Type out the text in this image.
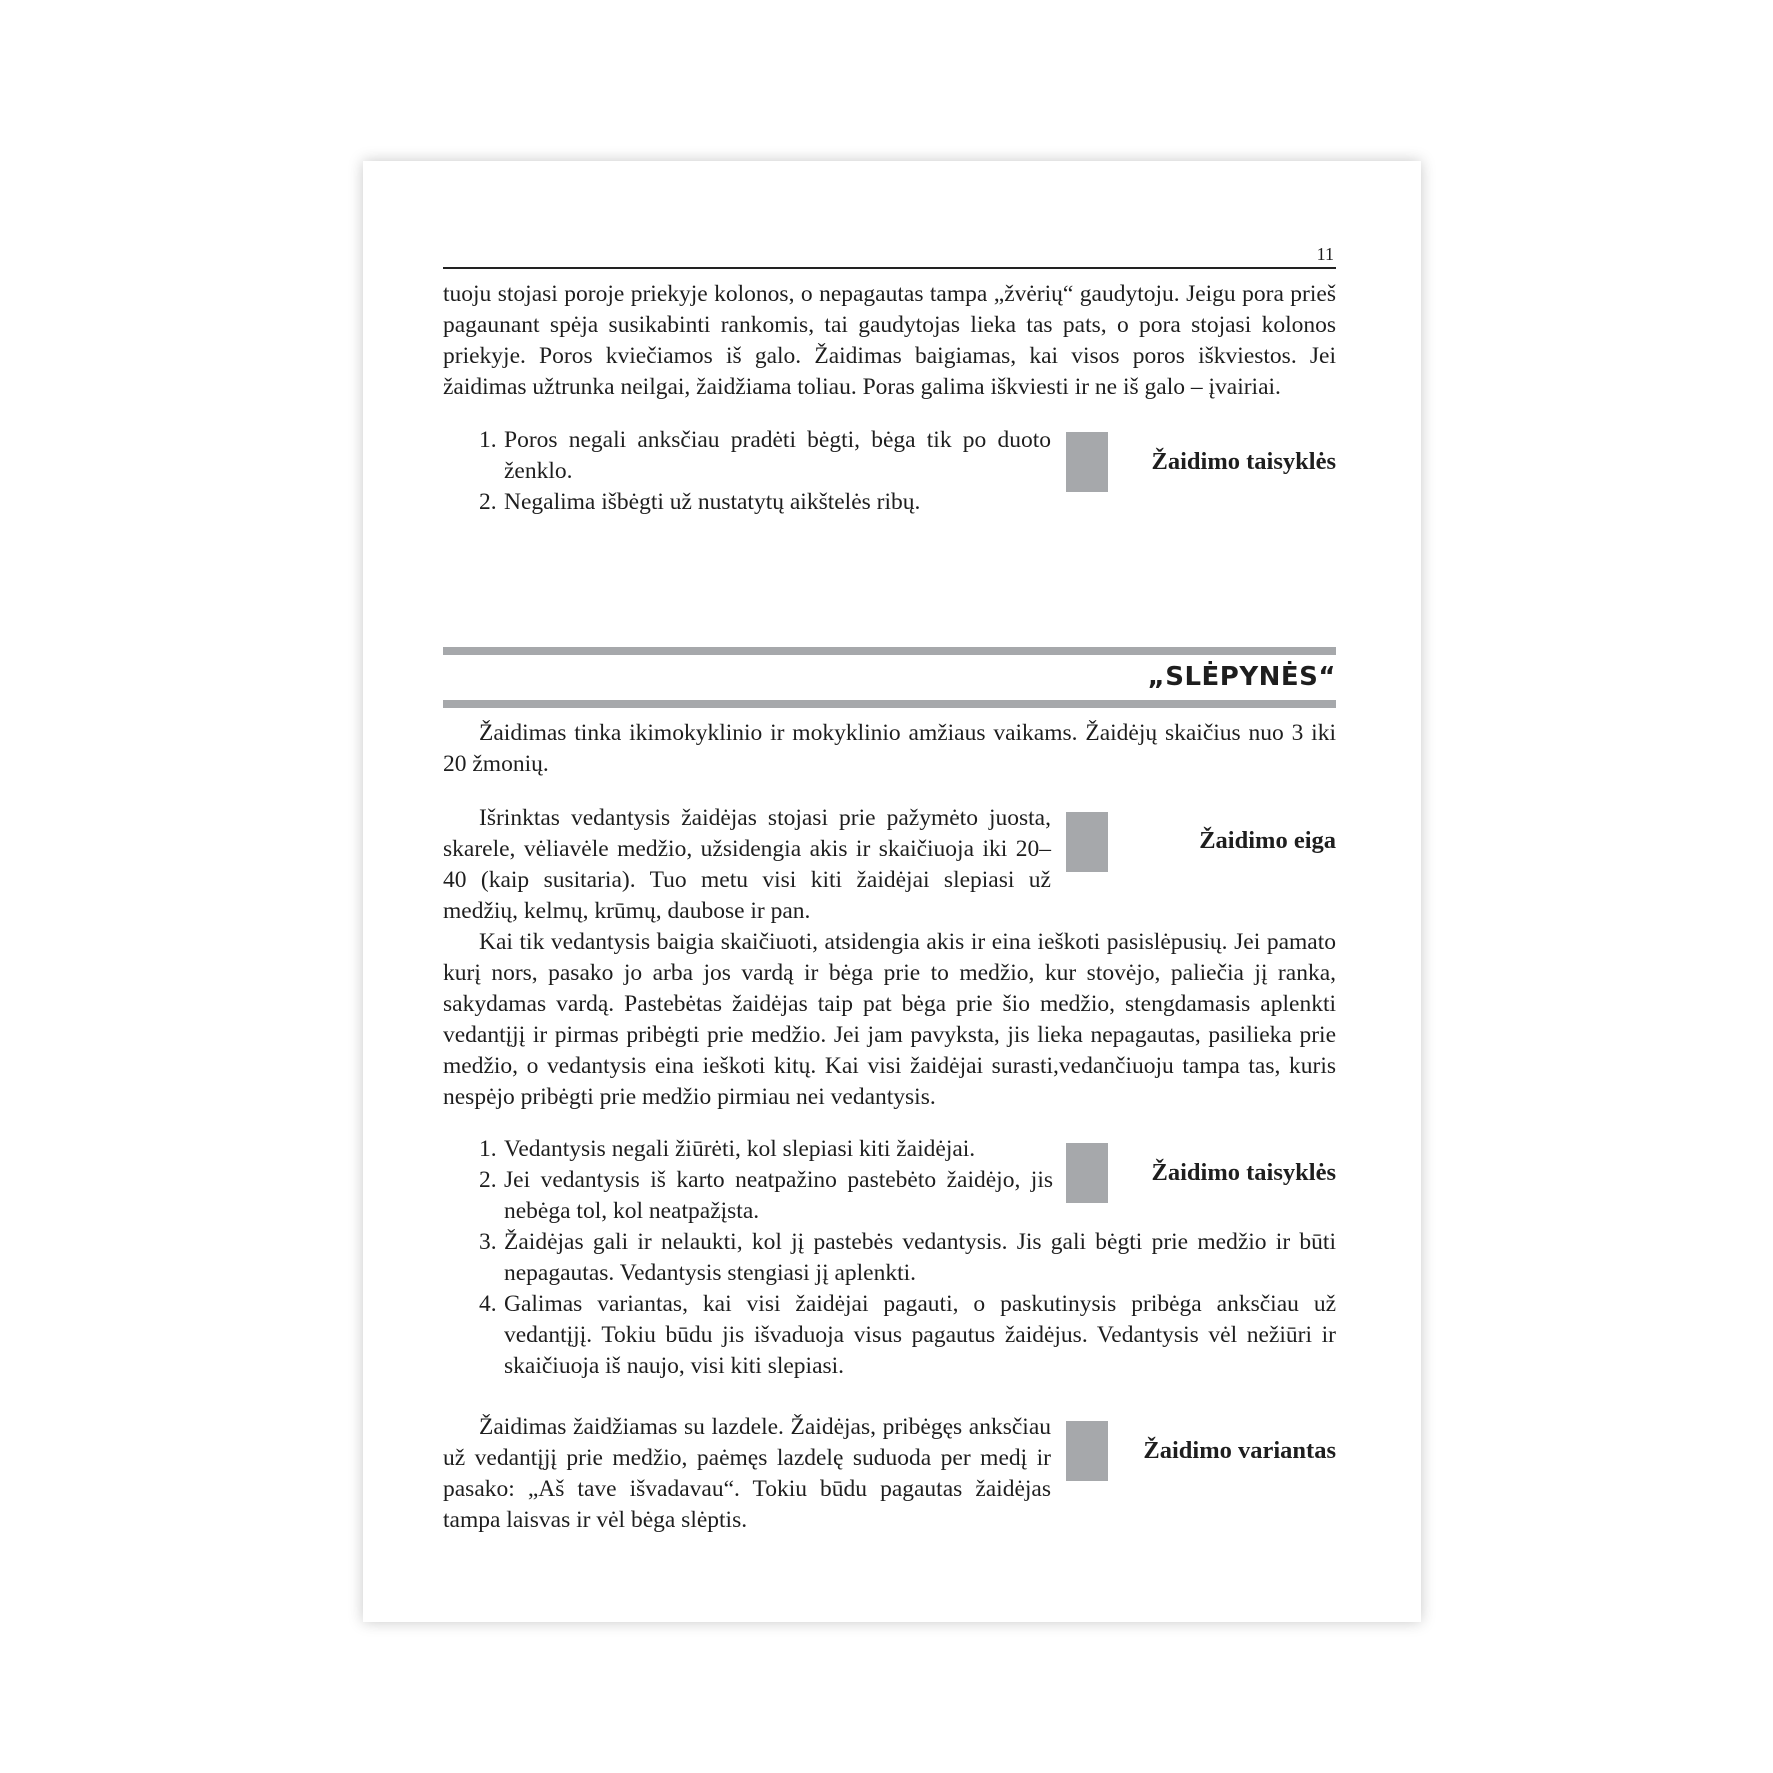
11

tuoju stojasi poroje priekyje kolonos, o nepagautas tampa „žvėrių“ gaudytoju. Jeigu pora prieš pagaunant spėja susikabinti rankomis, tai gaudytojas lieka tas pats, o pora stojasi kolonos priekyje. Poros kviečiamos iš galo. Žaidimas baigiamas, kai visos poros iškviestos. Jei žaidimas užtrunka neilgai, žaidžiama toliau. Poras galima iškviesti ir ne iš galo – įvairiai.

1. Poros negali anksčiau pradėti bėgti, bėga tik po duoto ženklo.
2. Negalima išbėgti už nustatytų aikštelės ribų.
Žaidimo taisyklės
„SLĖPYNĖS“

Žaidimas tinka ikimokyklinio ir mokyklinio amžiaus vaikams. Žaidėjų skaičius nuo 3 iki 20 žmonių.

Išrinktas vedantysis žaidėjas stojasi prie pažymėto juosta, skarele, vėliavėle medžio, užsidengia akis ir skaičiuoja iki 20–40 (kaip susitaria). Tuo metu visi kiti žaidėjai slepiasi už medžių, kelmų, krūmų, daubose ir pan.

Žaidimo eiga

Kai tik vedantysis baigia skaičiuoti, atsidengia akis ir eina ieškoti pasislėpusių. Jei pamato kurį nors, pasako jo arba jos vardą ir bėga prie to medžio, kur stovėjo, paliečia jį ranka, sakydamas vardą. Pastebėtas žaidėjas taip pat bėga prie šio medžio, stengdamasis aplenkti vedantįjį ir pirmas pribėgti prie medžio. Jei jam pavyksta, jis lieka nepagautas, pasilieka prie medžio, o vedantysis eina ieškoti kitų. Kai visi žaidėjai surasti,vedančiuoju tampa tas, kuris nespėjo pribėgti prie medžio pirmiau nei vedantysis.

1. Vedantysis negali žiūrėti, kol slepiasi kiti žaidėjai.
2. Jei vedantysis iš karto neatpažino pastebėto žaidėjo, jis nebėga tol, kol neatpažįsta.
Žaidimo taisyklės
3. Žaidėjas gali ir nelaukti, kol jį pastebės vedantysis. Jis gali bėgti prie medžio ir būti nepagautas. Vedantysis stengiasi jį aplenkti.
4. Galimas variantas, kai visi žaidėjai pagauti, o paskutinysis pribėga anksčiau už vedantįjį. Tokiu būdu jis išvaduoja visus pagautus žaidėjus. Vedantysis vėl nežiūri ir skaičiuoja iš naujo, visi kiti slepiasi.

Žaidimas žaidžiamas su lazdele. Žaidėjas, pribėgęs anksčiau už vedantįjį prie medžio, paėmęs lazdelę suduoda per medį ir pasako: „Aš tave išvadavau“. Tokiu būdu pagautas žaidėjas tampa laisvas ir vėl bėga slėptis.

Žaidimo variantas
